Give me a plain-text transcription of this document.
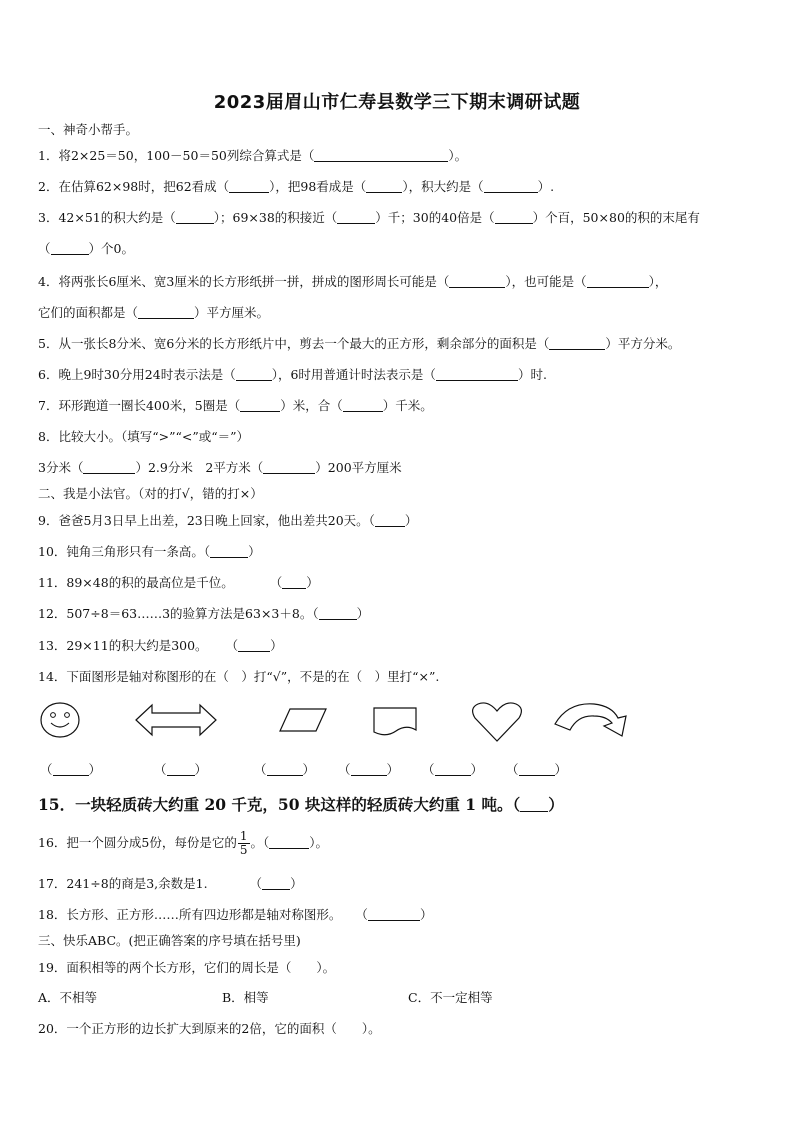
2023届眉山市仁寿县数学三下期末调研试题
一、神奇小帮手。
1．将2×25＝50，100－50＝50列综合算式是（	）。
2．在估算62×98时，把62看成（	），把98看成是（	），积大约是（	）.
3．42×51的积大约是（	）；69×38的积接近（	）千；30的40倍是（	）个百，50×80的积的末尾有
（	）个0。
4．将两张长6厘米、宽3厘米的长方形纸拼一拼，拼成的图形周长可能是（	），也可能是（	），
它们的面积都是（	）平方厘米。
5．从一张长8分米、宽6分米的长方形纸片中，剪去一个最大的正方形，剩余部分的面积是（	）平方分米。
6．晚上9时30分用24时表示法是（	），6时用普通计时法表示是（	）时.
7．环形跑道一圈长400米，5圈是（	）米，合（	）千米。
8．比较大小。（填写“>”“<”或“＝”）
3分米（	）2.9分米　2平方米（	）200平方厘米
二、我是小法官。（对的打√，错的打×）
9．爸爸5月3日早上出差，23日晚上回家，他出差共20天。（ ）
10．钝角三角形只有一条高。（	）
11．89×48的积的最高位是千位。	（ ）
12．507÷8＝63……3的验算方法是63×3＋8。（	）
13．29×11的积大约是300。 （	）
14．下面图形是轴对称图形的在（　）打“√”，不是的在（　）里打“×”.
（	）	（ ）	（	） （	） （	） （	）
15．一块轻质砖大约重 20 千克，50 块这样的轻质砖大约重 1 吨。（ ）
16．把一个圆分成5份，每份是它的 $\frac{1}{5}$ 。（	）。
17．241÷8的商是3,余数是1.	（ ）
18．长方形、正方形……所有四边形都是轴对称图形。 （	）
三、快乐ABC。(把正确答案的序号填在括号里)
19．面积相等的两个长方形，它们的周长是（　　）。
A．不相等	B．相等	C．不一定相等
20．一个正方形的边长扩大到原来的2倍，它的面积（　　）。
